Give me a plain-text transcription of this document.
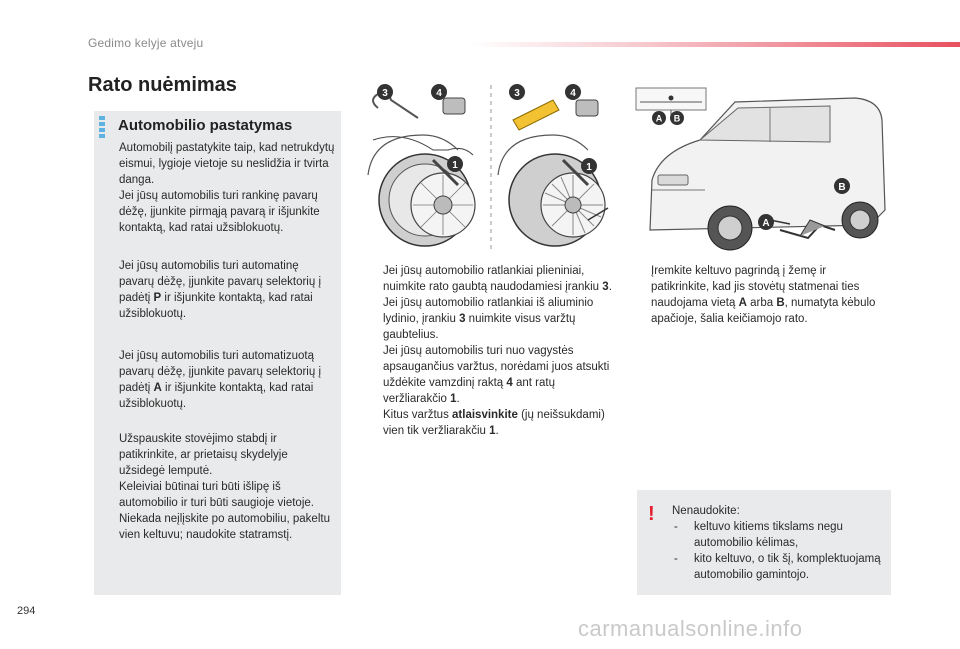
Gedimo kelyje atveju
Rato nuėmimas
Automobilio pastatymas
Automobilį pastatykite taip, kad netrukdytų eismui, lygioje vietoje su neslidžia ir tvirta danga.
Jei jūsų automobilis turi rankinę pavarų dėžę, įjunkite pirmąją pavarą ir išjunkite kontaktą, kad ratai užsiblokuotų.
Jei jūsų automobilis turi automatinę pavarų dėžę, įjunkite pavarų selektorių į padėtį P ir išjunkite kontaktą, kad ratai užsiblokuotų.
Jei jūsų automobilis turi automatizuotą pavarų dėžę, įjunkite pavarų selektorių į padėtį A ir išjunkite kontaktą, kad ratai užsiblokuotų.
Užspauskite stovėjimo stabdį ir patikrinkite, ar prietaisų skydelyje užsidegė lemputė.
Keleiviai būtinai turi būti išlipę iš automobilio ir turi būti saugioje vietoje. Niekada neįlįskite po automobiliu, pakeltu vien keltuvu; naudokite statramstį.
3	4
1
3	4
1
A B
A
B
Jei jūsų automobilio ratlankiai plieniniai, nuimkite rato gaubtą naudodamiesi įrankiu 3.
Jei jūsų automobilio ratlankiai iš aliuminio lydinio, įrankiu 3 nuimkite visus varžtų gaubtelius.
Jei jūsų automobilis turi nuo vagystės apsaugančius varžtus, norėdami juos atsukti uždėkite vamzdinį raktą 4 ant ratų veržliarakčio 1.
Kitus varžtus atlaisvinkite (jų neišsukdami) vien tik veržliarakčiu 1.
Įremkite keltuvo pagrindą į žemę ir patikrinkite, kad jis stovėtų statmenai ties naudojama vietą A arba B, numatyta kėbulo apačioje, šalia keičiamojo rato.
! Nenaudokite:
- keltuvo kitiems tikslams negu automobilio kėlimas,
- kito keltuvo, o tik šį, komplektuojamą automobilio gamintojo.
294
carmanualsonline.info
